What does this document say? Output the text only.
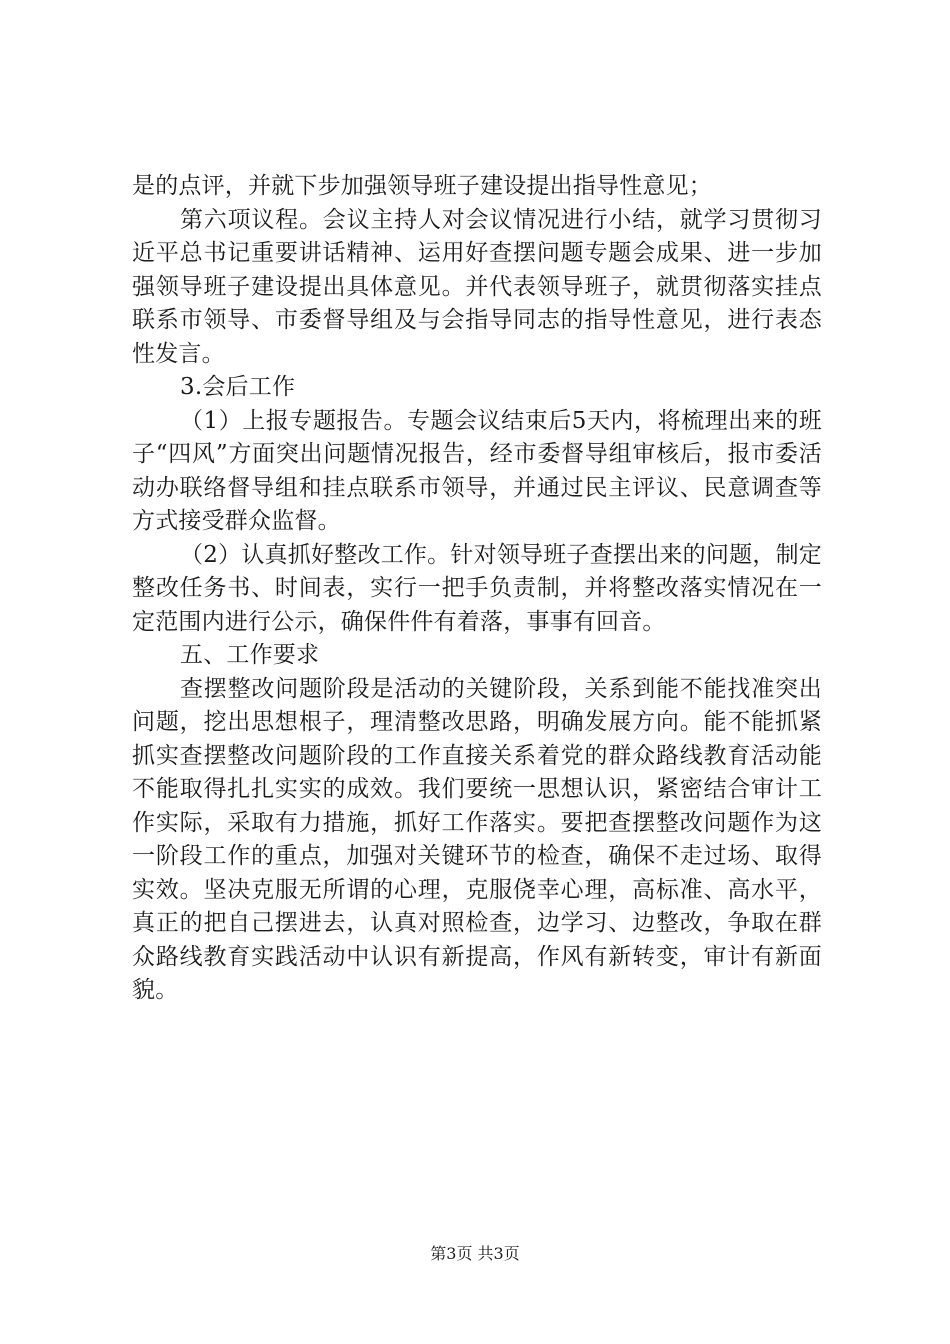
是的点评，并就下步加强领导班子建设提出指导性意见；

第六项议程。会议主持人对会议情况进行小结，就学习贯彻习近平总书记重要讲话精神、运用好查摆问题专题会成果、进一步加强领导班子建设提出具体意见。并代表领导班子，就贯彻落实挂点联系市领导、市委督导组及与会指导同志的指导性意见，进行表态性发言。

3.会后工作

（1）上报专题报告。专题会议结束后5天内，将梳理出来的班子“四风”方面突出问题情况报告，经市委督导组审核后，报市委活动办联络督导组和挂点联系市领导，并通过民主评议、民意调查等方式接受群众监督。

（2）认真抓好整改工作。针对领导班子查摆出来的问题，制定整改任务书、时间表，实行一把手负责制，并将整改落实情况在一定范围内进行公示，确保件件有着落，事事有回音。

五、工作要求

查摆整改问题阶段是活动的关键阶段，关系到能不能找准突出问题，挖出思想根子，理清整改思路，明确发展方向。能不能抓紧抓实查摆整改问题阶段的工作直接关系着党的群众路线教育活动能不能取得扎扎实实的成效。我们要统一思想认识，紧密结合审计工作实际，采取有力措施，抓好工作落实。要把查摆整改问题作为这一阶段工作的重点，加强对关键环节的检查，确保不走过场、取得实效。坚决克服无所谓的心理，克服侥幸心理，高标准、高水平，真正的把自己摆进去，认真对照检查，边学习、边整改，争取在群众路线教育实践活动中认识有新提高，作风有新转变，审计有新面貌。

第3页 共3页
